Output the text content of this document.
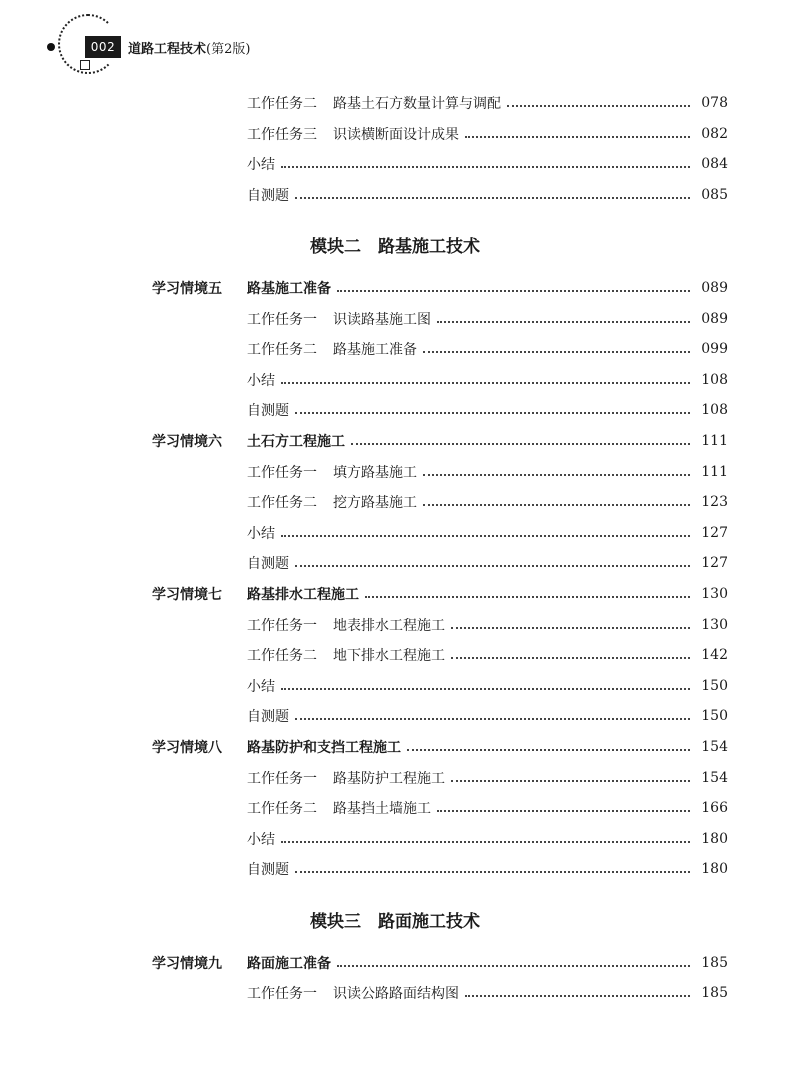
002 道路工程技术(第2版)
工作任务二 路基土石方数量计算与调配	078
工作任务三 识读横断面设计成果	082
小结	084
自测题	085
模块二　路基施工技术
学习情境五	路基施工准备	089
工作任务一 识读路基施工图	089
工作任务二 路基施工准备	099
小结	108
自测题	108
学习情境六	土石方工程施工	111
工作任务一 填方路基施工	111
工作任务二 挖方路基施工	123
小结	127
自测题	127
学习情境七	路基排水工程施工	130
工作任务一 地表排水工程施工	130
工作任务二 地下排水工程施工	142
小结	150
自测题	150
学习情境八	路基防护和支挡工程施工	154
工作任务一 路基防护工程施工	154
工作任务二 路基挡土墙施工	166
小结	180
自测题	180
模块三　路面施工技术
学习情境九	路面施工准备	185
工作任务一 识读公路路面结构图	185
